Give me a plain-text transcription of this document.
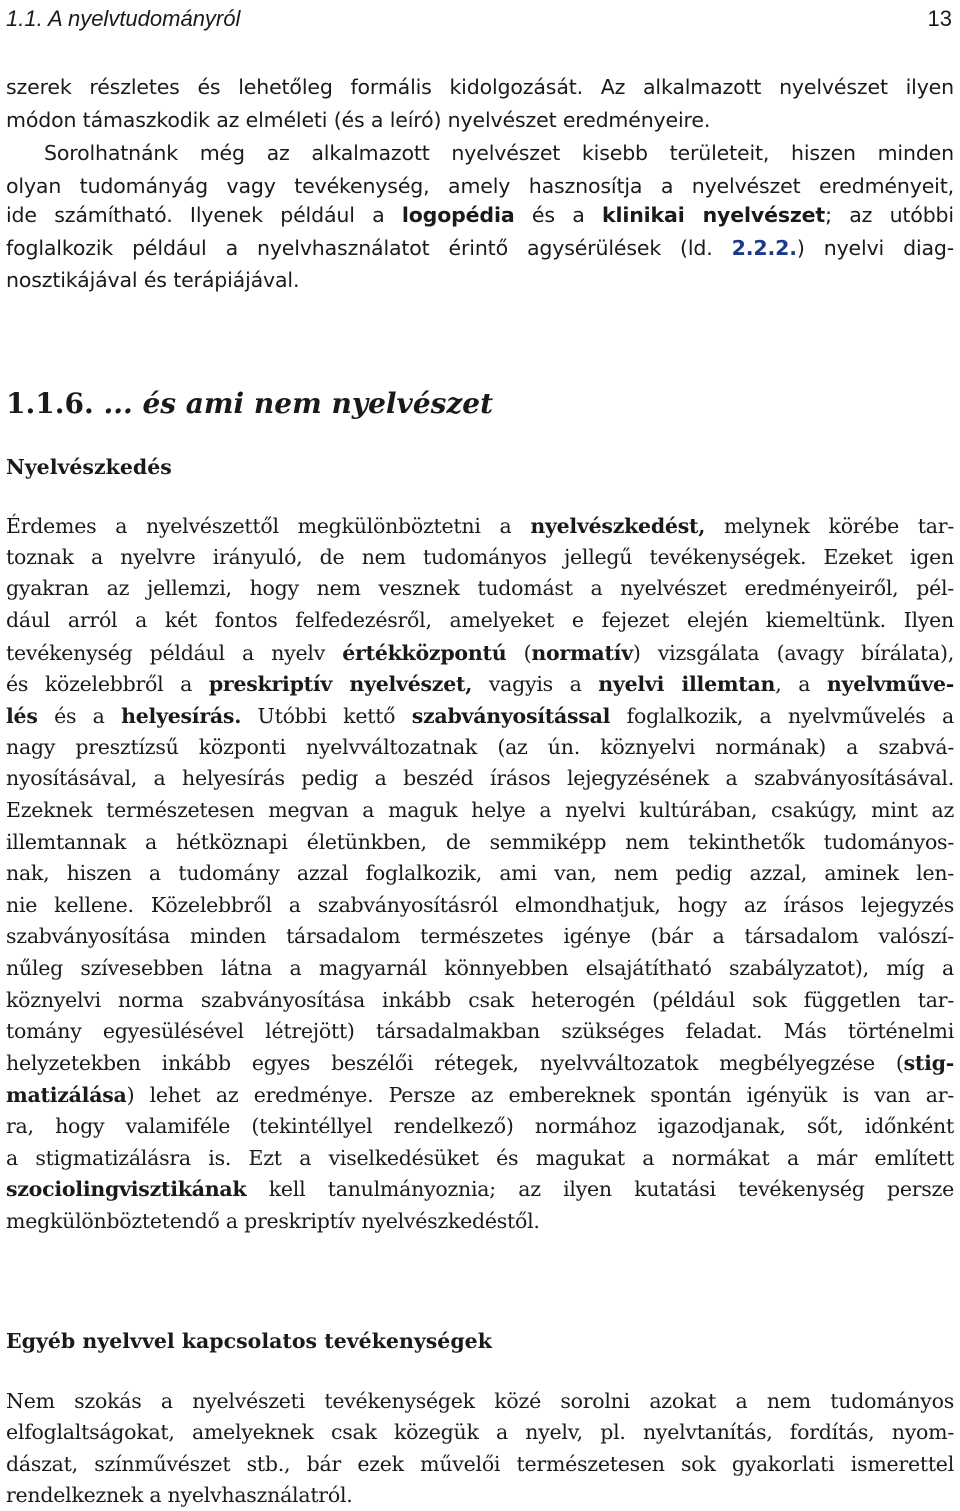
1.1. A nyelvtudományról	13
szerek részletes és lehetőleg formális kidolgozását. Az alkalmazott nyelvészet ilyen
módon támaszkodik az elméleti (és a leíró) nyelvészet eredményeire.
Sorolhatnánk még az alkalmazott nyelvészet kisebb területeit, hiszen minden
olyan tudományág vagy tevékenység, amely hasznosítja a nyelvészet eredményeit,
ide számítható. Ilyenek például a logopédia és a klinikai nyelvészet; az utóbbi
foglalkozik például a nyelvhasználatot érintő agysérülések (ld. 2.2.2.) nyelvi diag-
nosztikájával és terápiájával.
1.1.6. ... és ami nem nyelvészet
Nyelvészkedés
Érdemes a nyelvészettől megkülönböztetni a nyelvészkedést, melynek körébe tar-
toznak a nyelvre irányuló, de nem tudományos jellegű tevékenységek. Ezeket igen
gyakran az jellemzi, hogy nem vesznek tudomást a nyelvészet eredményeiről, pél-
dául arról a két fontos felfedezésről, amelyeket e fejezet elején kiemeltünk. Ilyen
tevékenység például a nyelv értékközpontú (normatív) vizsgálata (avagy bírálata),
és közelebbről a preskriptív nyelvészet, vagyis a nyelvi illemtan, a nyelvműve-
lés és a helyesírás. Utóbbi kettő szabványosítással foglalkozik, a nyelvművelés a
nagy presztízsű központi nyelvváltozatnak (az ún. köznyelvi normának) a szabvá-
nyosításával, a helyesírás pedig a beszéd írásos lejegyzésének a szabványosításával.
Ezeknek természetesen megvan a maguk helye a nyelvi kultúrában, csakúgy, mint az
illemtannak a hétköznapi életünkben, de semmiképp nem tekinthetők tudományos-
nak, hiszen a tudomány azzal foglalkozik, ami van, nem pedig azzal, aminek len-
nie kellene. Közelebbről a szabványosításról elmondhatjuk, hogy az írásos lejegyzés
szabványosítása minden társadalom természetes igénye (bár a társadalom valószí-
nűleg szívesebben látna a magyarnál könnyebben elsajátítható szabályzatot), míg a
köznyelvi norma szabványosítása inkább csak heterogén (például sok független tar-
tomány egyesülésével létrejött) társadalmakban szükséges feladat. Más történelmi
helyzetekben inkább egyes beszélői rétegek, nyelvváltozatok megbélyegzése (stig-
matizálása) lehet az eredménye. Persze az embereknek spontán igényük is van ar-
ra, hogy valamiféle (tekintéllyel rendelkező) normához igazodjanak, sőt, időnként
a stigmatizálásra is. Ezt a viselkedésüket és magukat a normákat a már említett
szociolingvisztikának kell tanulmányoznia; az ilyen kutatási tevékenység persze
megkülönböztetendő a preskriptív nyelvészkedéstől.
Egyéb nyelvvel kapcsolatos tevékenységek
Nem szokás a nyelvészeti tevékenységek közé sorolni azokat a nem tudományos
elfoglaltságokat, amelyeknek csak közegük a nyelv, pl. nyelvtanítás, fordítás, nyom-
dászat, színművészet stb., bár ezek művelői természetesen sok gyakorlati ismerettel
rendelkeznek a nyelvhasználatról.
